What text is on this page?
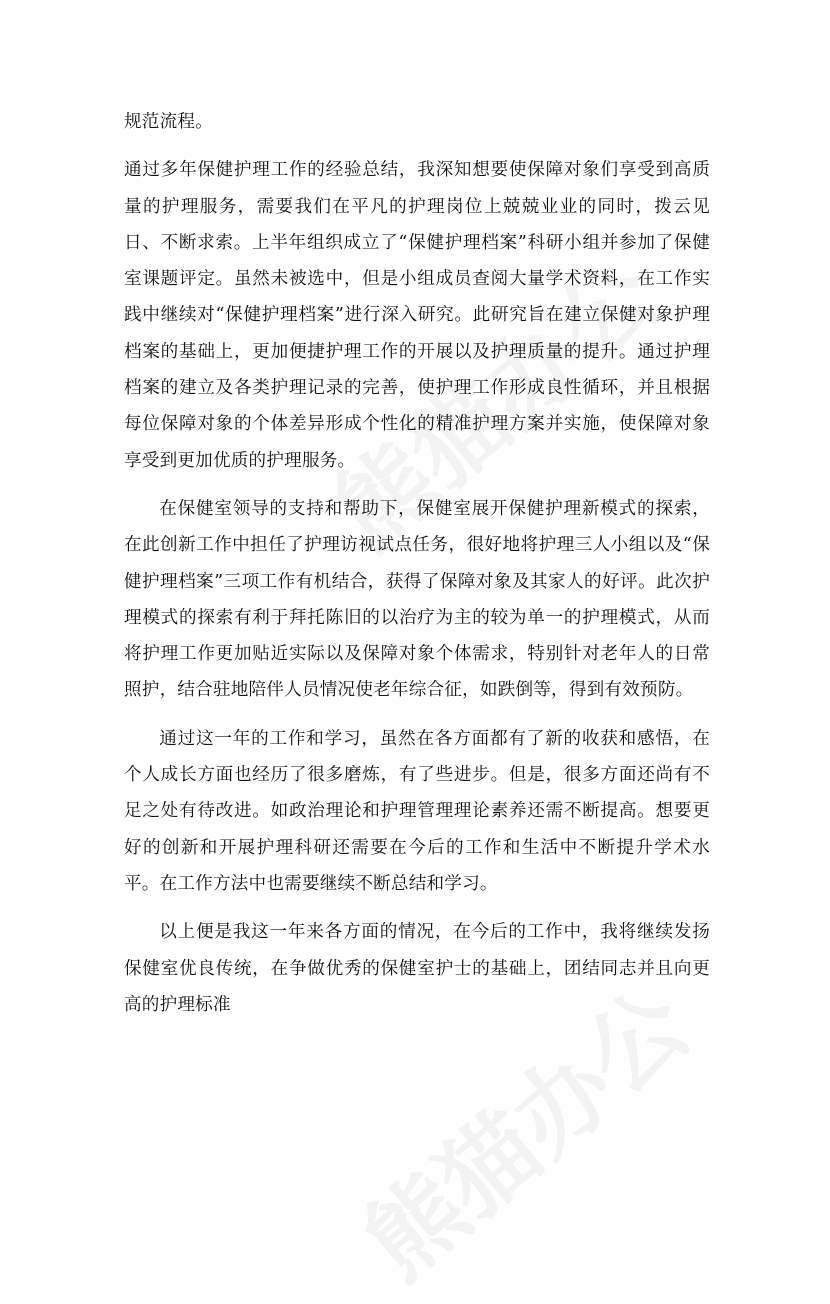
规范流程。

通过多年保健护理工作的经验总结，我深知想要使保障对象们享受到高质量的护理服务，需要我们在平凡的护理岗位上兢兢业业的同时，拨云见日、不断求索。上半年组织成立了“保健护理档案”科研小组并参加了保健室课题评定。虽然未被选中，但是小组成员查阅大量学术资料，在工作实践中继续对“保健护理档案”进行深入研究。此研究旨在建立保健对象护理档案的基础上，更加便捷护理工作的开展以及护理质量的提升。通过护理档案的建立及各类护理记录的完善，使护理工作形成良性循环，并且根据每位保障对象的个体差异形成个性化的精准护理方案并实施，使保障对象享受到更加优质的护理服务。

在保健室领导的支持和帮助下，保健室展开保健护理新模式的探索，在此创新工作中担任了护理访视试点任务，很好地将护理三人小组以及“保健护理档案”三项工作有机结合，获得了保障对象及其家人的好评。此次护理模式的探索有利于拜托陈旧的以治疗为主的较为单一的护理模式，从而将护理工作更加贴近实际以及保障对象个体需求，特别针对老年人的日常照护，结合驻地陪伴人员情况使老年综合征，如跌倒等，得到有效预防。

通过这一年的工作和学习，虽然在各方面都有了新的收获和感悟，在个人成长方面也经历了很多磨炼，有了些进步。但是，很多方面还尚有不足之处有待改进。如政治理论和护理管理理论素养还需不断提高。想要更好的创新和开展护理科研还需要在今后的工作和生活中不断提升学术水平。在工作方法中也需要继续不断总结和学习。

以上便是我这一年来各方面的情况，在今后的工作中，我将继续发扬保健室优良传统，在争做优秀的保健室护士的基础上，团结同志并且向更高的护理标准
